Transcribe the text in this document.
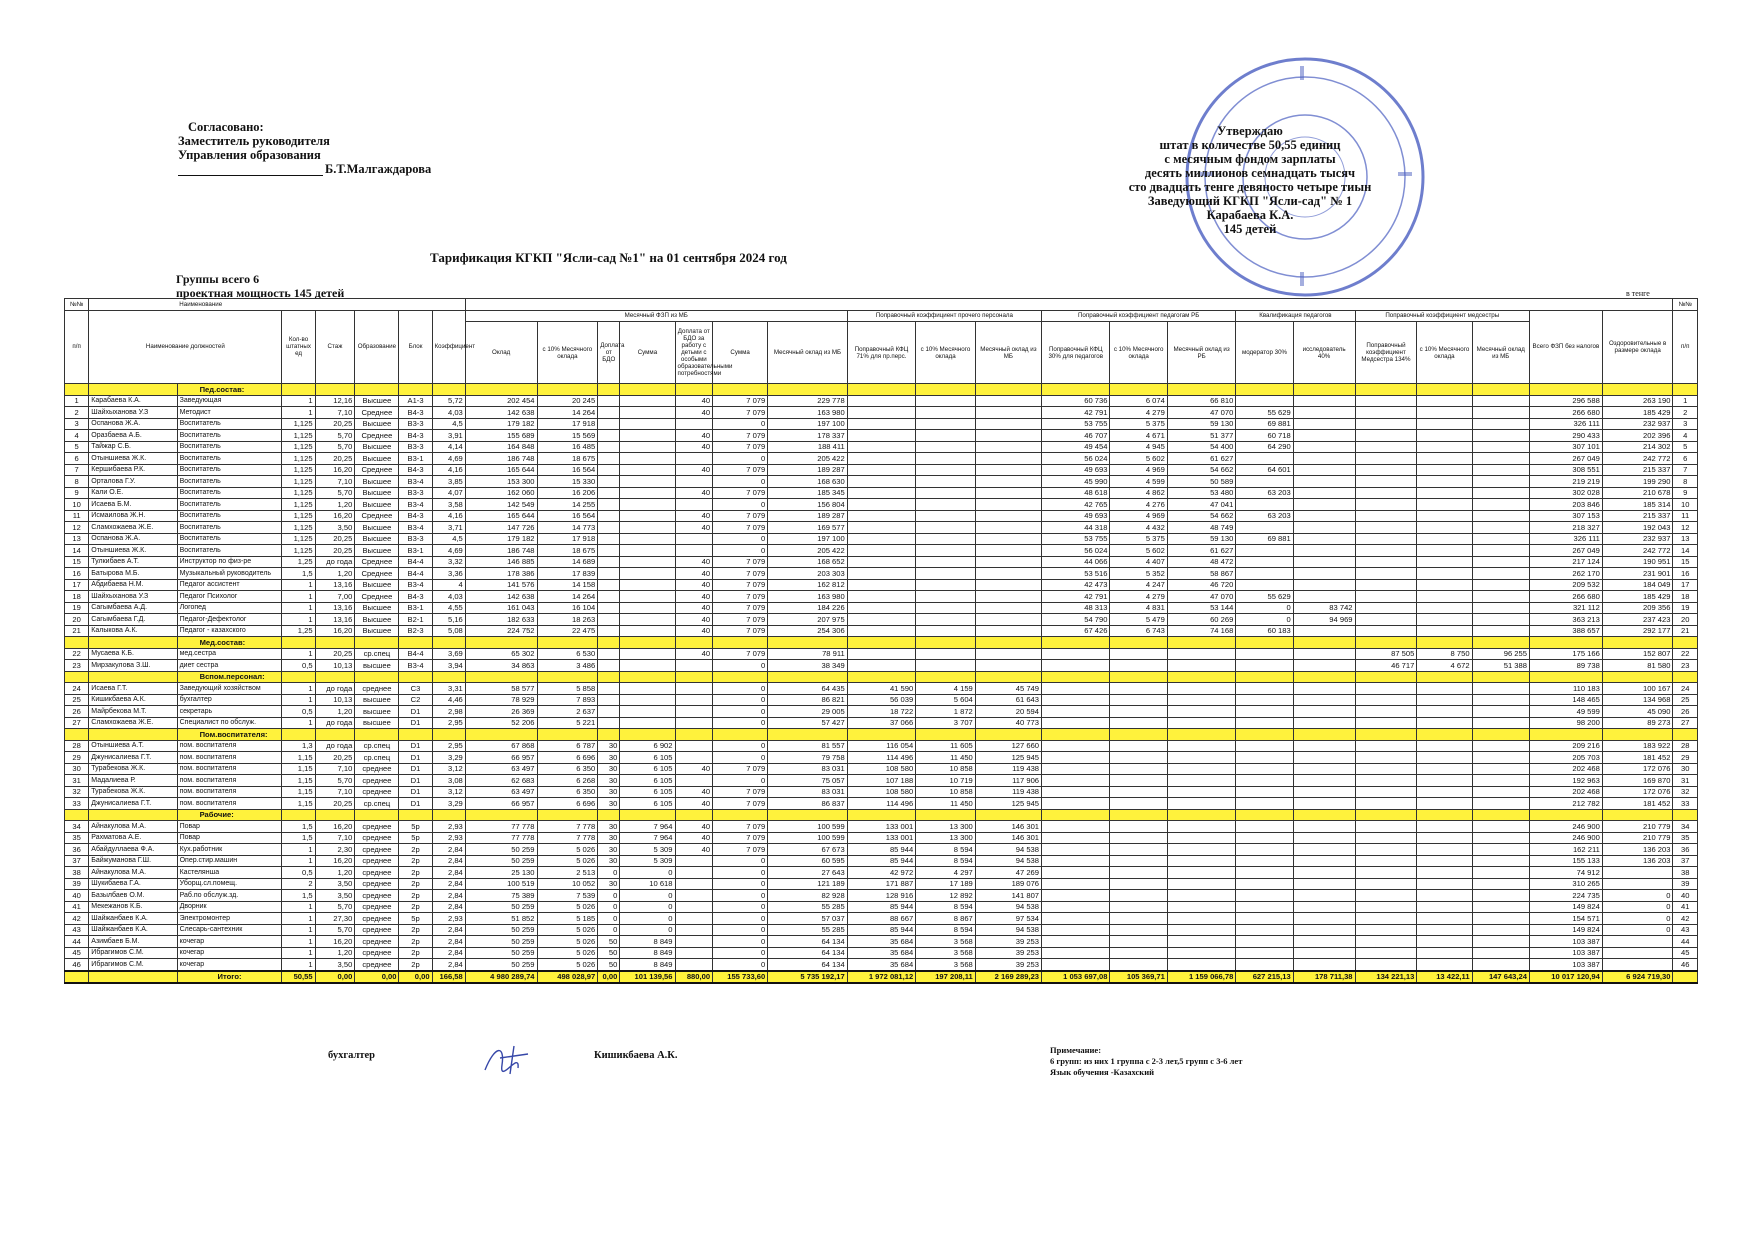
Согласовано:
Заместитель руководителя
Управления образования
Б.Т.Малгаждарова
Утверждаю
штат в количестве 50,55 единиц
с месячным фондом зарплаты
десять миллионов семнадцать тысяч
сто двадцать тенге девяносто четыре тиын
Заведующий КГКП "Ясли-сад" № 1
Карабаева К.А.
145 детей
Тарификация КГКП "Ясли-сад №1" на 01 сентября 2024 год
Группы всего 6
проектная мощность 145 детей	в тенге
№№	Наименование																											№№
п/п	Наименование должностей		Кол-во штатных ед	Стаж	Образование	Блок	Коэффициент	Месячный ФЗП из МБ							Поправочный коэффициент прочего персонала			Поправочный коэффициент педагогам РБ			Квалификация педагогов		Поправочный коэффициент медсестры			Всего ФЗП без налогов	Оздоровительные в размере оклада	п/п
								Оклад	с 10% Месячного оклада	Доплата от БДО	Сумма	Доплата от БДО за работу с детьми с особыми образовательными потребностями	Сумма	Месячный оклад из МБ	Поправочный КФЦ 71% для пр.перс.	с 10% Месячного оклада	Месячный оклад из МБ	Поправочный КФЦ 30% для педагогов	с 10% Месячного оклада	Месячный оклад из РБ	модератор 30%	исследователь 40%	Поправочный коэффициент Медсестра 134%	с 10% Месячного оклада	Месячный оклад из МБ			
		Пед.состав:																										
1	Карабаева К.А.	Заведующая	1	12,16	Высшее	А1-3	5,72	202 454	20 245			40	7 079	229 778				60 736	6 074	66 810						296 588	263 190	1
2	Шайхыханова У.З	Методист	1	7,10	Среднее	В4-3	4,03	142 638	14 264			40	7 079	163 980				42 791	4 279	47 070	55 629					266 680	185 429	2
3	Оспанова Ж.А.	Воспитатель	1,125	20,25	Высшее	В3-3	4,5	179 182	17 918				0	197 100				53 755	5 375	59 130	69 881					326 111	232 937	3
4	Оразбаева А.Б.	Воспитатель	1,125	5,70	Среднее	В4-3	3,91	155 689	15 569			40	7 079	178 337				46 707	4 671	51 377	60 718					290 433	202 396	4
5	Тайжар С.Б.	Воспитатель	1,125	5,70	Высшее	В3-3	4,14	164 848	16 485			40	7 079	188 411				49 454	4 945	54 400	64 290					307 101	214 302	5
6	Отыншиева Ж.К.	Воспитатель	1,125	20,25	Высшее	В3-1	4,69	186 748	18 675				0	205 422				56 024	5 602	61 627						267 049	242 772	6
7	Кершибаева Р.К.	Воспитатель	1,125	16,20	Среднее	В4-3	4,16	165 644	16 564			40	7 079	189 287				49 693	4 969	54 662	64 601					308 551	215 337	7
8	Орталова Г.У.	Воспитатель	1,125	7,10	Высшее	В3-4	3,85	153 300	15 330				0	168 630				45 990	4 599	50 589						219 219	199 290	8
9	Кали О.Е.	Воспитатель	1,125	5,70	Высшее	В3-3	4,07	162 060	16 206			40	7 079	185 345				48 618	4 862	53 480	63 203					302 028	210 678	9
10	Исаева Б.М.	Воспитатель	1,125	1,20	Высшее	В3-4	3,58	142 549	14 255				0	156 804				42 765	4 276	47 041						203 846	185 314	10
11	Исмаилова Ж.Н.	Воспитатель	1,125	16,20	Среднее	В4-3	4,16	165 644	16 564			40	7 079	189 287				49 693	4 969	54 662	63 203					307 153	215 337	11
12	Сламхожаева Ж.Е.	Воспитатель	1,125	3,50	Высшее	В3-4	3,71	147 726	14 773			40	7 079	169 577				44 318	4 432	48 749						218 327	192 043	12
13	Оспанова Ж.А.	Воспитатель	1,125	20,25	Высшее	В3-3	4,5	179 182	17 918				0	197 100				53 755	5 375	59 130	69 881					326 111	232 937	13
14	Отыншиева Ж.К.	Воспитатель	1,125	20,25	Высшее	В3-1	4,69	186 748	18 675				0	205 422				56 024	5 602	61 627						267 049	242 772	14
15	Тулкибаев А.Т.	Инструктор по физ-ре	1,25	до года	Среднее	В4-4	3,32	146 885	14 689			40	7 079	168 652				44 066	4 407	48 472						217 124	190 951	15
16	Батырова М.Б.	Музыкальный руководитель	1,5	1,20	Среднее	В4-4	3,36	178 386	17 839			40	7 079	203 303				53 516	5 352	58 867						262 170	231 901	16
17	Абдибаева Н.М.	Педагог ассистент	1	13,16	Высшее	В3-4	4	141 576	14 158			40	7 079	162 812				42 473	4 247	46 720						209 532	184 049	17
18	Шайхыханова У.З	Педагог Психолог	1	7,00	Среднее	В4-3	4,03	142 638	14 264			40	7 079	163 980				42 791	4 279	47 070	55 629					266 680	185 429	18
19	Сагымбаева А.Д.	Логопед	1	13,16	Высшее	В3-1	4,55	161 043	16 104			40	7 079	184 226				48 313	4 831	53 144	0	83 742				321 112	209 356	19
20	Сагымбаева Г.Д.	Педагог-Дефектолог	1	13,16	Высшее	В2-1	5,16	182 633	18 263			40	7 079	207 975				54 790	5 479	60 269	0	94 969				363 213	237 423	20
21	Калыкова А.К.	Педагог - казахского	1,25	16,20	Высшее	В2-3	5,08	224 752	22 475			40	7 079	254 306				67 426	6 743	74 168	60 183					388 657	292 177	21
		Мед.состав:																										
22	Мусаева К.Б.	мед.сестра	1	20,25	ср.спец	В4-4	3,69	65 302	6 530			40	7 079	78 911									87 505	8 750	96 255	175 166	152 807	22
23	Мирзакулова З.Ш.	диет сестра	0,5	10,13	высшее	В3-4	3,94	34 863	3 486				0	38 349									46 717	4 672	51 388	89 738	81 580	23
		Вспом.персонал:																										
24	Исаева Г.Т.	Заведующий хозяйством	1	до года	среднее	С3	3,31	58 577	5 858				0	64 435	41 590	4 159	45 749									110 183	100 167	24
25	Кишикбаева А.К.	бухгалтер	1	10,13	высшее	С2	4,46	78 929	7 893				0	86 821	56 039	5 604	61 643									148 465	134 968	25
26	Майрбекова М.Т.	секретарь	0,5	1,20	высшее	D1	2,98	26 369	2 637				0	29 005	18 722	1 872	20 594									49 599	45 090	26
27	Сламхожаева Ж.Е.	Специалист по обслуж.	1	до года	высшее	D1	2,95	52 206	5 221				0	57 427	37 066	3 707	40 773									98 200	89 273	27
		Пом.воспитателя:																										
28	Отыншиева А.Т.	пом. воспитателя	1,3	до года	ср.спец	D1	2,95	67 868	6 787	30	6 902		0	81 557	116 054	11 605	127 660									209 216	183 922	28
29	Джунисалиева Г.Т.	пом. воспитателя	1,15	20,25	ср.спец	D1	3,29	66 957	6 696	30	6 105		0	79 758	114 496	11 450	125 945									205 703	181 452	29
30	Турабекова Ж.К.	пом. воспитателя	1,15	7,10	среднее	D1	3,12	63 497	6 350	30	6 105	40	7 079	83 031	108 580	10 858	119 438									202 468	172 076	30
31	Мадалиева Р.	пом. воспитателя	1,15	5,70	среднее	D1	3,08	62 683	6 268	30	6 105		0	75 057	107 188	10 719	117 906									192 963	169 870	31
32	Турабекова Ж.К.	пом. воспитателя	1,15	7,10	среднее	D1	3,12	63 497	6 350	30	6 105	40	7 079	83 031	108 580	10 858	119 438									202 468	172 076	32
33	Джунисалиева Г.Т.	пом. воспитателя	1,15	20,25	ср.спец	D1	3,29	66 957	6 696	30	6 105	40	7 079	86 837	114 496	11 450	125 945									212 782	181 452	33
		Рабочие:																										
34	Айнакулова М.А.	Повар	1,5	16,20	среднее	5р	2,93	77 778	7 778	30	7 964	40	7 079	100 599	133 001	13 300	146 301									246 900	210 779	34
35	Рахматова А.Е.	Повар	1,5	7,10	среднее	5р	2,93	77 778	7 778	30	7 964	40	7 079	100 599	133 001	13 300	146 301									246 900	210 779	35
36	Абайдуллаева Ф.А.	Кух.работник	1	2,30	среднее	2р	2,84	50 259	5 026	30	5 309	40	7 079	67 673	85 944	8 594	94 538									162 211	136 203	36
37	Байжуманова Г.Ш.	Опер.стир.машин	1	16,20	среднее	2р	2,84	50 259	5 026	30	5 309		0	60 595	85 944	8 594	94 538									155 133	136 203	37
38	Айнакулова М.А.	Кастелянша	0,5	1,20	среднее	2р	2,84	25 130	2 513	0	0		0	27 643	42 972	4 297	47 269									74 912		38
39	Шукибаева Г.А.	Уборщ.сл.помещ.	2	3,50	среднее	2р	2,84	100 519	10 052	30	10 618		0	121 189	171 887	17 189	189 076									310 265		39
40	Базылбаев О.М.	Раб.по обслуж.зд.	1,5	3,50	среднее	2р	2,84	75 389	7 539	0	0		0	82 928	128 916	12 892	141 807									224 735	0	40
41	Мекежанов К.Б.	Дворник	1	5,70	среднее	2р	2,84	50 259	5 026	0	0		0	55 285	85 944	8 594	94 538									149 824	0	41
42	Шайжанбаев К.А.	Электромонтер	1	27,30	среднее	5р	2,93	51 852	5 185	0	0		0	57 037	88 667	8 867	97 534									154 571	0	42
43	Шайжанбаев К.А.	Слесарь-сантехник	1	5,70	среднее	2р	2,84	50 259	5 026	0	0		0	55 285	85 944	8 594	94 538									149 824	0	43
44	Азимбаев Б.М.	кочегар	1	16,20	среднее	2р	2,84	50 259	5 026	50	8 849		0	64 134	35 684	3 568	39 253									103 387		44
45	Ибрагимов С.М.	кочегар	1	1,20	среднее	2р	2,84	50 259	5 026	50	8 849		0	64 134	35 684	3 568	39 253									103 387		45
46	Ибрагимов С.М.	кочегар	1	3,50	среднее	2р	2,84	50 259	5 026	50	8 849		0	64 134	35 684	3 568	39 253									103 387		46
		Итого:	50,55	0,00	0,00	0,00	166,58	4 980 289,74	498 028,97	0,00	101 139,56	880,00	155 733,60	5 735 192,17	1 972 081,12	197 208,11	2 169 289,23	1 053 697,08	105 369,71	1 159 066,78	627 215,13	178 711,38	134 221,13	13 422,11	147 643,24	10 017 120,94	6 924 719,30	
бухгалтер	Кишикбаева А.К.	Примечание:
6 групп: из них 1 группа с 2-3 лет,5 групп с 3-6 лет
Язык обучения -Казахский
